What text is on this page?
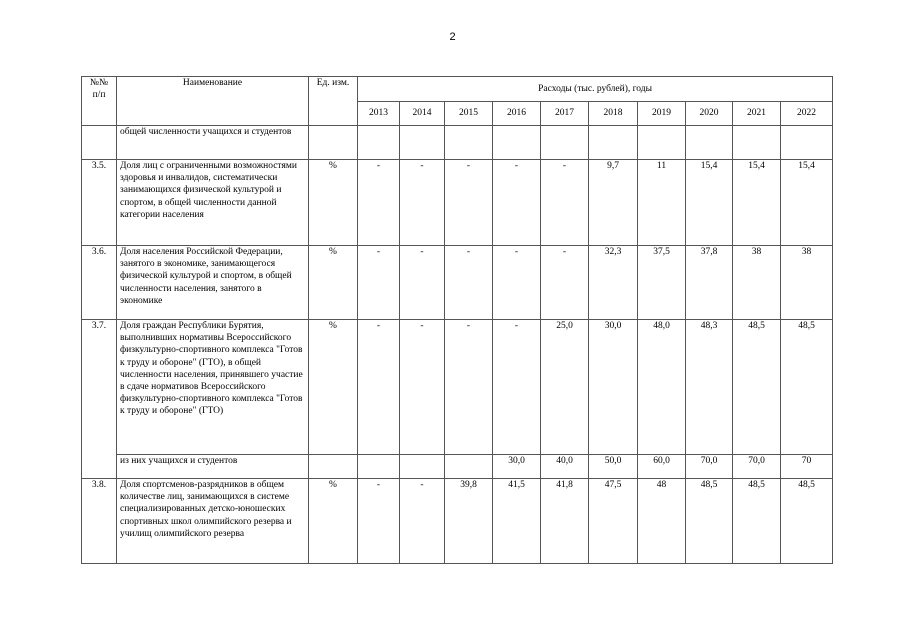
2
№№ п/п	Наименование	Ед. изм.	Расходы (тыс. рублей), годы									
			2013	2014	2015	2016	2017	2018	2019	2020	2021	2022
	общей численности учащихся и студентов											
3.5.	Доля лиц с ограниченными возможностями здоровья и инвалидов, систематически занимающихся физической культурой и спортом, в общей численности данной категории населения	%	-	-	-	-	-	9,7	11	15,4	15,4	15,4
3.6.	Доля населения Российской Федерации, занятого в экономике, занимающегося физической культурой и спортом, в общей численности населения, занятого в экономике	%	-	-	-	-	-	32,3	37,5	37,8	38	38
3.7.	Доля граждан Республики Бурятия, выполнивших нормативы Всероссийского физкультурно-спортивного комплекса "Готов к труду и обороне" (ГТО), в общей численности населения, принявшего участие в сдаче нормативов Всероссийского физкультурно-спортивного комплекса "Готов к труду и обороне" (ГТО)	%	-	-	-	-	25,0	30,0	48,0	48,3	48,5	48,5
	из них учащихся и студентов					30,0	40,0	50,0	60,0	70,0	70,0	70
3.8.	Доля спортсменов-разрядников в общем количестве лиц, занимающихся в системе специализированных детско-юношеских спортивных школ олимпийского резерва и училищ олимпийского резерва	%	-	-	39,8	41,5	41,8	47,5	48	48,5	48,5	48,5
